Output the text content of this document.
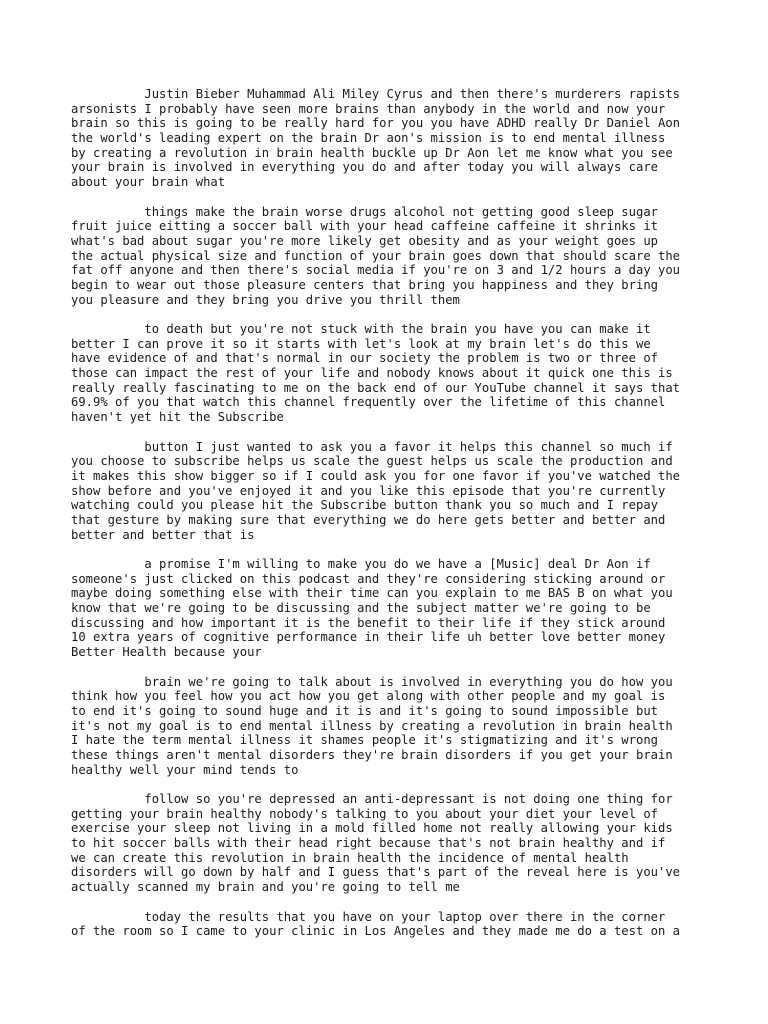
Justin Bieber Muhammad Ali Miley Cyrus and then there's murderers rapists
arsonists I probably have seen more brains than anybody in the world and now your
brain so this is going to be really hard for you you have ADHD really Dr Daniel Aon
the world's leading expert on the brain Dr aon's mission is to end mental illness
by creating a revolution in brain health buckle up Dr Aon let me know what you see
your brain is involved in everything you do and after today you will always care
about your brain what
things make the brain worse drugs alcohol not getting good sleep sugar
fruit juice eitting a soccer ball with your head caffeine caffeine it shrinks it
what's bad about sugar you're more likely get obesity and as your weight goes up
the actual physical size and function of your brain goes down that should scare the
fat off anyone and then there's social media if you're on 3 and 1/2 hours a day you
begin to wear out those pleasure centers that bring you happiness and they bring
you pleasure and they bring you drive you thrill them
to death but you're not stuck with the brain you have you can make it
better I can prove it so it starts with let's look at my brain let's do this we
have evidence of and that's normal in our society the problem is two or three of
those can impact the rest of your life and nobody knows about it quick one this is
really really fascinating to me on the back end of our YouTube channel it says that
69.9% of you that watch this channel frequently over the lifetime of this channel
haven't yet hit the Subscribe
button I just wanted to ask you a favor it helps this channel so much if
you choose to subscribe helps us scale the guest helps us scale the production and
it makes this show bigger so if I could ask you for one favor if you've watched the
show before and you've enjoyed it and you like this episode that you're currently
watching could you please hit the Subscribe button thank you so much and I repay
that gesture by making sure that everything we do here gets better and better and
better and better that is
a promise I'm willing to make you do we have a [Music] deal Dr Aon if
someone's just clicked on this podcast and they're considering sticking around or
maybe doing something else with their time can you explain to me BAS B on what you
know that we're going to be discussing and the subject matter we're going to be
discussing and how important it is the benefit to their life if they stick around
10 extra years of cognitive performance in their life uh better love better money
Better Health because your
brain we're going to talk about is involved in everything you do how you
think how you feel how you act how you get along with other people and my goal is
to end it's going to sound huge and it is and it's going to sound impossible but
it's not my goal is to end mental illness by creating a revolution in brain health
I hate the term mental illness it shames people it's stigmatizing and it's wrong
these things aren't mental disorders they're brain disorders if you get your brain
healthy well your mind tends to
follow so you're depressed an anti-depressant is not doing one thing for
getting your brain healthy nobody's talking to you about your diet your level of
exercise your sleep not living in a mold filled home not really allowing your kids
to hit soccer balls with their head right because that's not brain healthy and if
we can create this revolution in brain health the incidence of mental health
disorders will go down by half and I guess that's part of the reveal here is you've
actually scanned my brain and you're going to tell me
today the results that you have on your laptop over there in the corner
of the room so I came to your clinic in Los Angeles and they made me do a test on a
